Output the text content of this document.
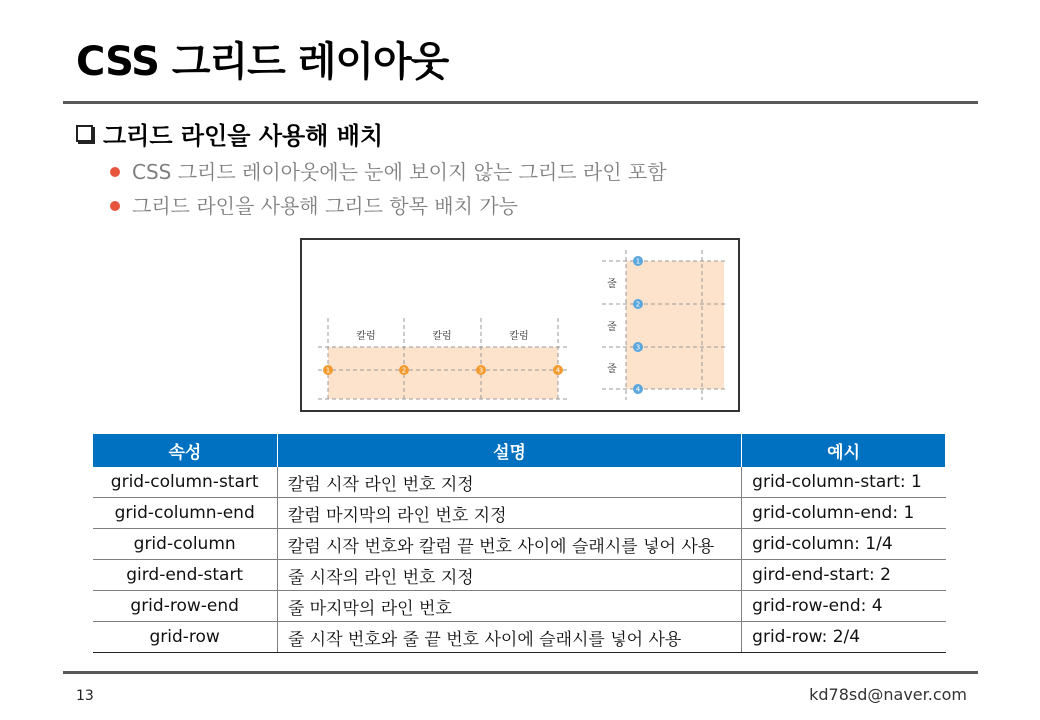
CSS 그리드 레이아웃
그리드 라인을 사용해 배치
CSS 그리드 레이아웃에는 눈에 보이지 않는 그리드 라인 포함
그리드 라인을 사용해 그리드 항목 배치 가능
칼럼	칼럼	칼럼
1	2	3	4
줄
줄
줄
1
2
3
4
속성	설명	예시
grid-column-start	칼럼 시작 라인 번호 지정	grid-column-start: 1
grid-column-end	칼럼 마지막의 라인 번호 지정	grid-column-end: 1
grid-column	칼럼 시작 번호와 칼럼 끝 번호 사이에 슬래시를 넣어 사용	grid-column: 1/4
gird-end-start	줄 시작의 라인 번호 지정	gird-end-start: 2
grid-row-end	줄 마지막의 라인 번호	grid-row-end: 4
grid-row	줄 시작 번호와 줄 끝 번호 사이에 슬래시를 넣어 사용	grid-row: 2/4
13	kd78sd@naver.com
